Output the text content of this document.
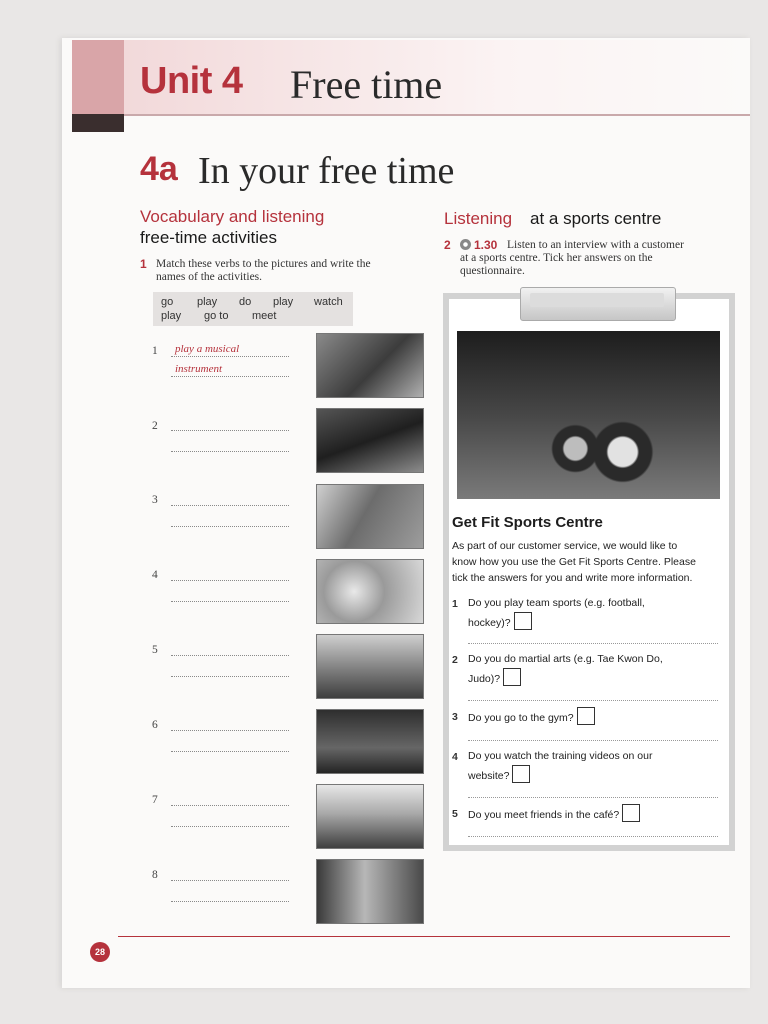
Unit 4 Free time
4a In your free time
Vocabulary and listening
free-time activities
1 Match these verbs to the pictures and write the
names of the activities.
go play do play watch
play go to meet
1 play a musical
instrument
2
3
4
5
6
7
8
Listening at a sports centre
2	1.30 Listen to an interview with a customer
at a sports centre. Tick her answers on the
questionnaire.
Get Fit Sports Centre
As part of our customer service, we would like to
know how you use the Get Fit Sports Centre. Please
tick the answers for you and write more information.
1 Do you play team sports (e.g. football,
hockey)?
2 Do you do martial arts (e.g. Tae Kwon Do,
Judo)?
3 Do you go to the gym?
4 Do you watch the training videos on our
website?
5 Do you meet friends in the café?
28
